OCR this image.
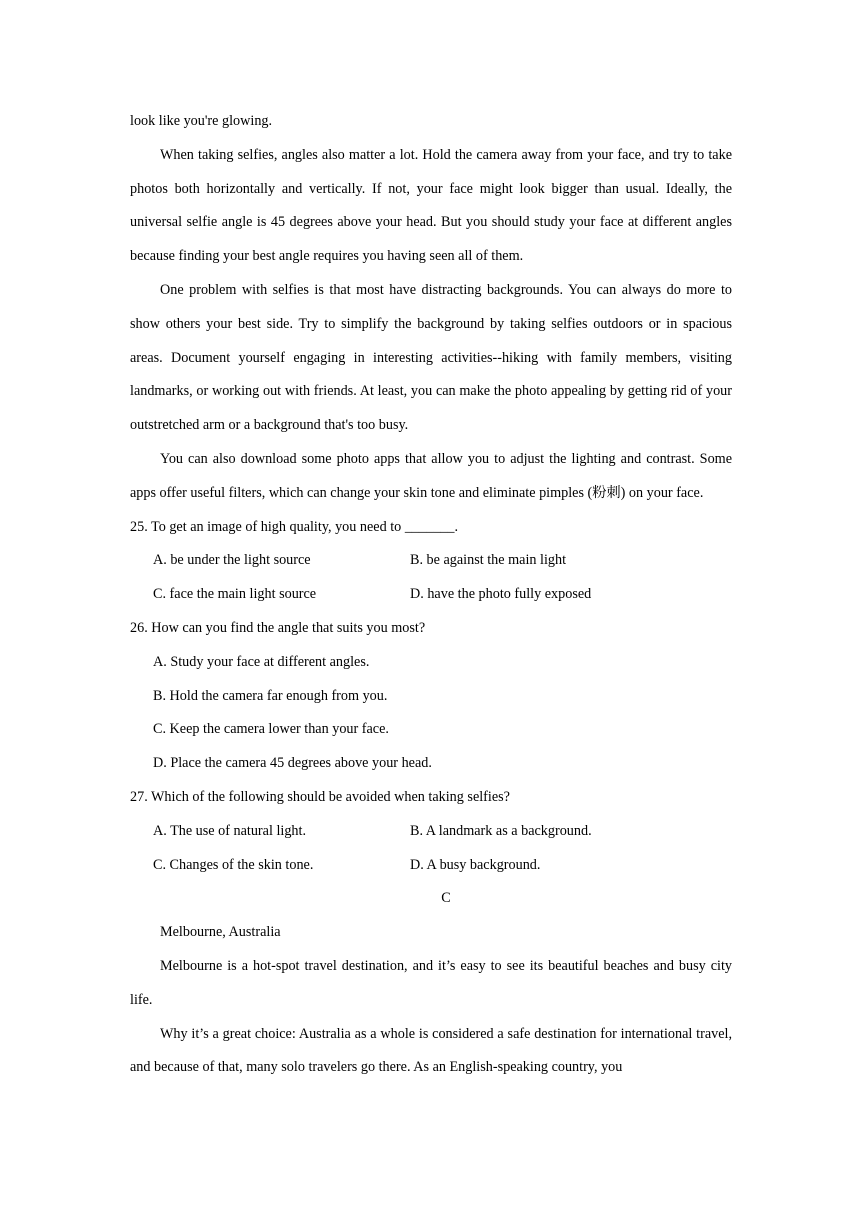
look like you're glowing.

When taking selfies, angles also matter a lot. Hold the camera away from your face, and try to take photos both horizontally and vertically. If not, your face might look bigger than usual. Ideally, the universal selfie angle is 45 degrees above your head. But you should study your face at different angles because finding your best angle requires you having seen all of them.

One problem with selfies is that most have distracting backgrounds. You can always do more to show others your best side. Try to simplify the background by taking selfies outdoors or in spacious areas. Document yourself engaging in interesting activities--hiking with family members, visiting landmarks, or working out with friends. At least, you can make the photo appealing by getting rid of your outstretched arm or a background that's too busy.

You can also download some photo apps that allow you to adjust the lighting and contrast. Some apps offer useful filters, which can change your skin tone and eliminate pimples (粉刺) on your face.

25. To get an image of high quality, you need to _______.

A. be under the light source	B. be against the main light
C. face the main light source	D. have the photo fully exposed

26. How can you find the angle that suits you most?

A. Study your face at different angles.

B. Hold the camera far enough from you.

C. Keep the camera lower than your face.

D. Place the camera 45 degrees above your head.

27. Which of the following should be avoided when taking selfies?

A. The use of natural light.	B. A landmark as a background.
C. Changes of the skin tone.	D. A busy background.

C

Melbourne, Australia

Melbourne is a hot-spot travel destination, and it’s easy to see its beautiful beaches and busy city life.

Why it’s a great choice: Australia as a whole is considered a safe destination for international travel, and because of that, many solo travelers go there. As an English-speaking country, you
